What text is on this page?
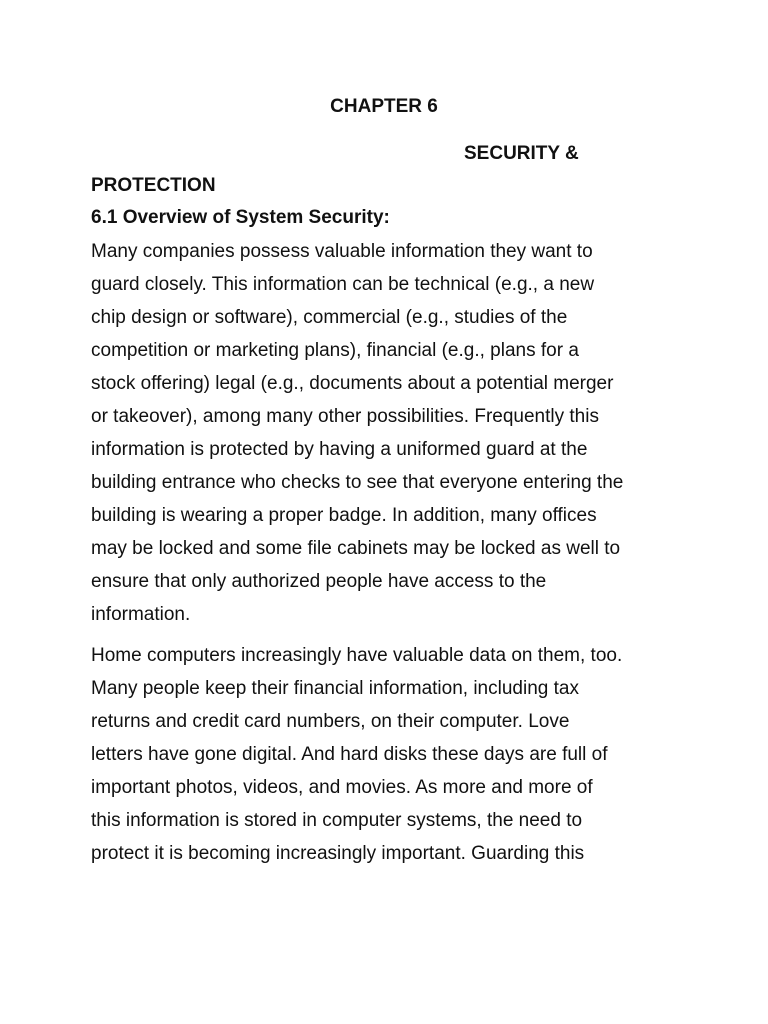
CHAPTER 6
SECURITY &
PROTECTION
6.1 Overview of System Security:

Many companies possess valuable information they want to
guard closely. This information can be technical (e.g., a new
chip design or software), commercial (e.g., studies of the
competition or marketing plans), financial (e.g., plans for a
stock offering) legal (e.g., documents about a potential merger
or takeover), among many other possibilities. Frequently this
information is protected by having a uniformed guard at the
building entrance who checks to see that everyone entering the
building is wearing a proper badge. In addition, many offices
may be locked and some file cabinets may be locked as well to
ensure that only authorized people have access to the
information.

Home computers increasingly have valuable data on them, too.
Many people keep their financial information, including tax
returns and credit card numbers, on their computer. Love
letters have gone digital. And hard disks these days are full of
important photos, videos, and movies. As more and more of
this information is stored in computer systems, the need to
protect it is becoming increasingly important. Guarding this
